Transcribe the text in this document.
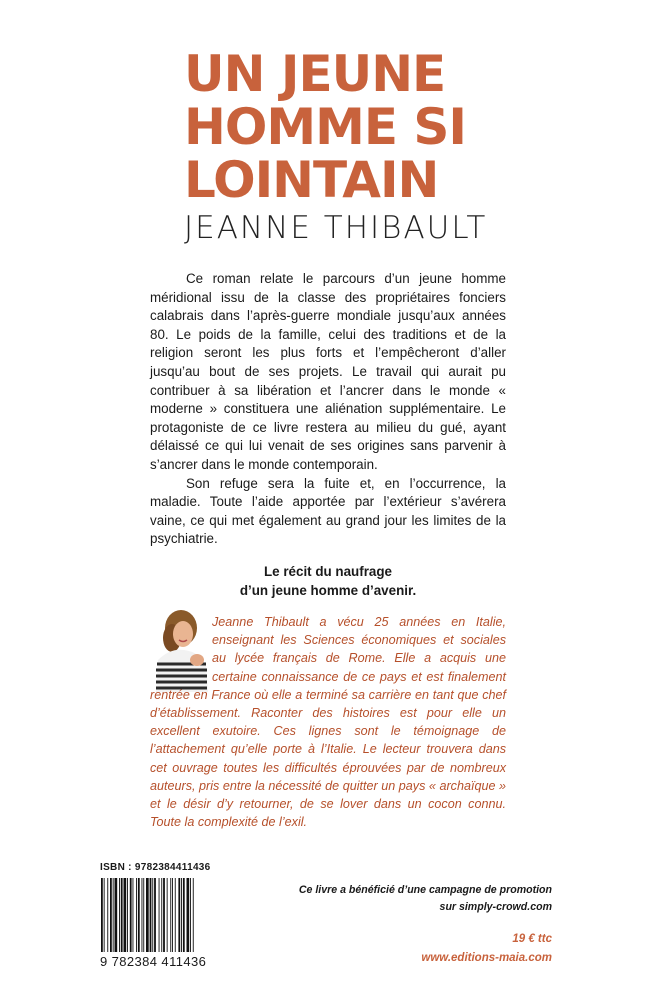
UN JEUNE
HOMME SI
LOINTAIN
JEANNE THIBAULT

Ce roman relate le parcours d’un jeune homme méridional issu de la classe des propriétaires fonciers calabrais dans l’après-guerre mondiale jusqu’aux années 80. Le poids de la famille, celui des traditions et de la religion seront les plus forts et l’empêcheront d’aller jusqu’au bout de ses projets. Le travail qui aurait pu contribuer à sa libération et l’ancrer dans le monde « moderne » constituera une aliénation supplémentaire. Le protagoniste de ce livre restera au milieu du gué, ayant délaissé ce qui lui venait de ses origines sans parvenir à s’ancrer dans le monde contemporain.

Son refuge sera la fuite et, en l’occurrence, la maladie. Toute l’aide apportée par l’extérieur s’avérera vaine, ce qui met également au grand jour les limites de la psychiatrie.

Le récit du naufrage
d’un jeune homme d’avenir.
Jeanne Thibault a vécu 25 années en Italie, enseignant les Sciences économiques et sociales au lycée français de Rome. Elle a acquis une certaine connaissance de ce pays et est finalement rentrée en France où elle a terminé sa carrière en tant que chef d’établissement. Raconter des histoires est pour elle un excellent exutoire. Ces lignes sont le témoignage de l’attachement qu’elle porte à l’Italie. Le lecteur trouvera dans cet ouvrage toutes les difficultés éprouvées par de nombreux auteurs, pris entre la nécessité de quitter un pays « archaïque » et le désir d’y retourner, de se lover dans un cocon connu. Toute la complexité de l’exil.
ISBN : 9782384411436
9 782384 411436
Ce livre a bénéficié d’une campagne de promotion
sur simply-crowd.com
19 € ttc
www.editions-maia.com
